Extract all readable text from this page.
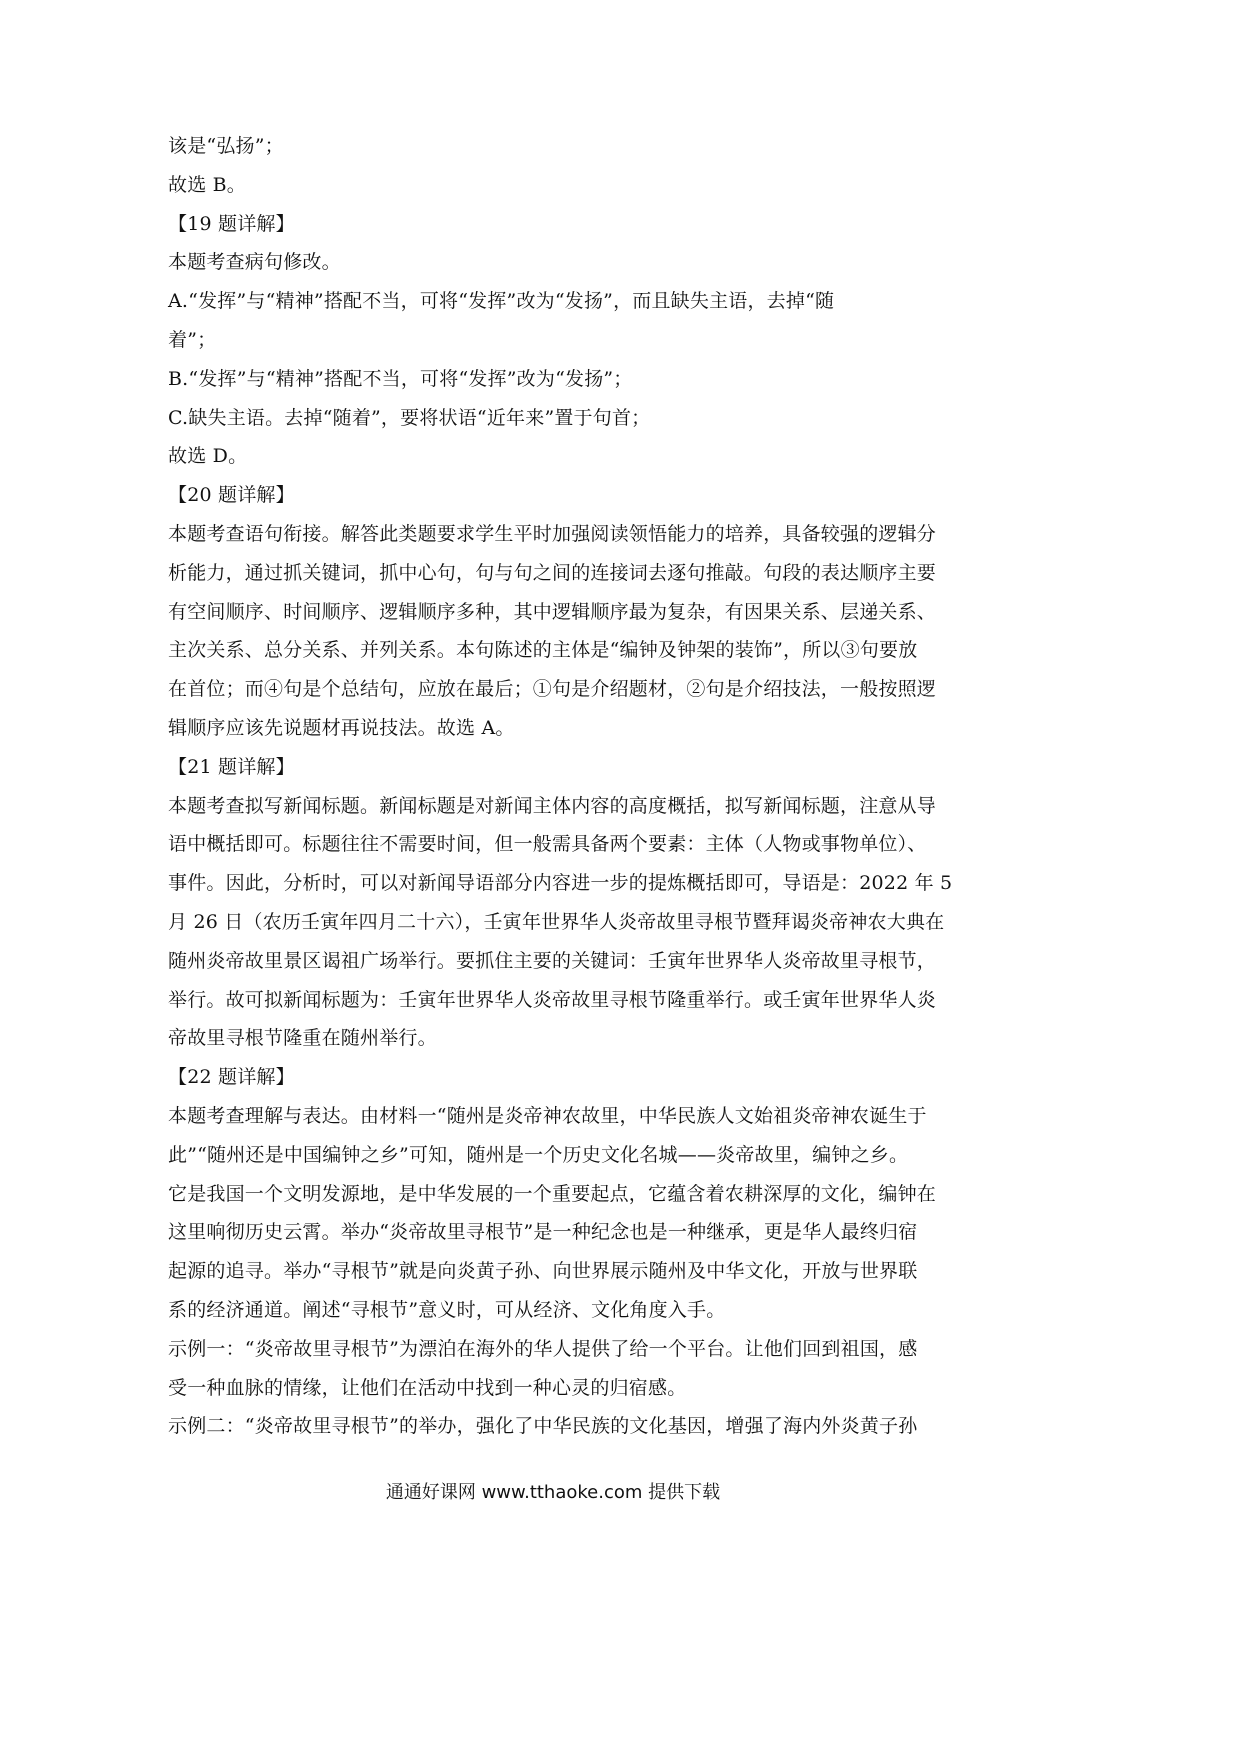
该是“弘扬”；
故选 B。
【19 题详解】
本题考查病句修改。
A.“发挥”与“精神”搭配不当，可将“发挥”改为“发扬”，而且缺失主语，去掉“随
着”；
B.“发挥”与“精神”搭配不当，可将“发挥”改为“发扬”；
C.缺失主语。去掉“随着”，要将状语“近年来”置于句首；
故选 D。
【20 题详解】
本题考查语句衔接。解答此类题要求学生平时加强阅读领悟能力的培养，具备较强的逻辑分
析能力，通过抓关键词，抓中心句，句与句之间的连接词去逐句推敲。句段的表达顺序主要
有空间顺序、时间顺序、逻辑顺序多种，其中逻辑顺序最为复杂，有因果关系、层递关系、
主次关系、总分关系、并列关系。本句陈述的主体是“编钟及钟架的装饰”，所以③句要放
在首位；而④句是个总结句，应放在最后；①句是介绍题材，②句是介绍技法，一般按照逻
辑顺序应该先说题材再说技法。故选 A。
【21 题详解】
本题考查拟写新闻标题。新闻标题是对新闻主体内容的高度概括，拟写新闻标题，注意从导
语中概括即可。标题往往不需要时间，但一般需具备两个要素：主体（人物或事物单位）、
事件。因此，分析时，可以对新闻导语部分内容进一步的提炼概括即可，导语是：2022 年 5
月 26 日（农历壬寅年四月二十六），壬寅年世界华人炎帝故里寻根节暨拜谒炎帝神农大典在
随州炎帝故里景区谒祖广场举行。要抓住主要的关键词：壬寅年世界华人炎帝故里寻根节，
举行。故可拟新闻标题为：壬寅年世界华人炎帝故里寻根节隆重举行。或壬寅年世界华人炎
帝故里寻根节隆重在随州举行。
【22 题详解】
本题考查理解与表达。由材料一“随州是炎帝神农故里，中华民族人文始祖炎帝神农诞生于
此”“随州还是中国编钟之乡”可知，随州是一个历史文化名城——炎帝故里，编钟之乡。
它是我国一个文明发源地，是中华发展的一个重要起点，它蕴含着农耕深厚的文化，编钟在
这里响彻历史云霄。举办“炎帝故里寻根节”是一种纪念也是一种继承，更是华人最终归宿
起源的追寻。举办“寻根节”就是向炎黄子孙、向世界展示随州及中华文化，开放与世界联
系的经济通道。阐述“寻根节”意义时，可从经济、文化角度入手。
示例一：“炎帝故里寻根节”为漂泊在海外的华人提供了给一个平台。让他们回到祖国，感
受一种血脉的情缘，让他们在活动中找到一种心灵的归宿感。
示例二：“炎帝故里寻根节”的举办，强化了中华民族的文化基因，增强了海内外炎黄子孙
通通好课网 www.tthaoke.com 提供下载
